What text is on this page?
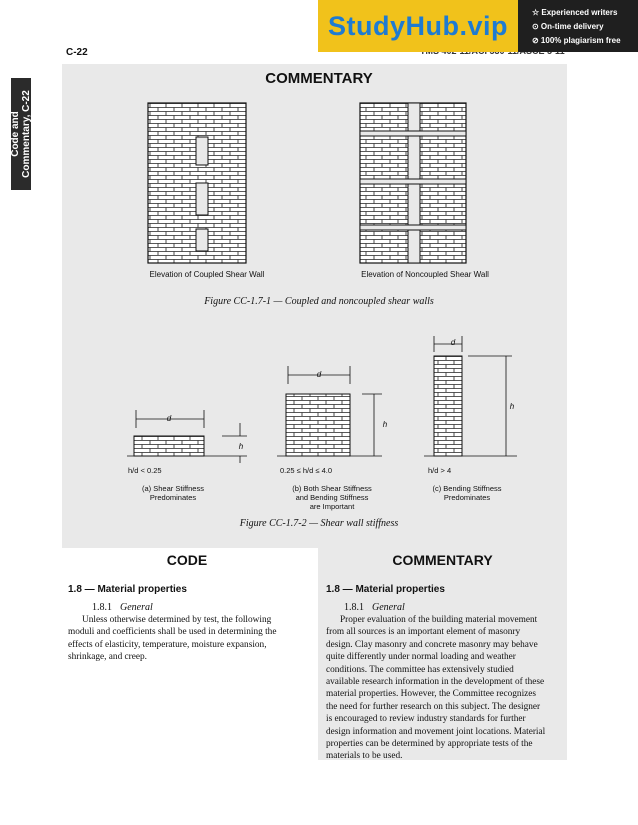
Code and
Commentary, C-22
C-22
StudyHub.vip	☆ Experienced writers
⊙ On-time delivery
⊘ 100% plagiarism free
COMMENTARY
Elevation of Coupled Shear Wall	Elevation of Noncoupled Shear Wall
Figure CC-1.7-1 — Coupled and noncoupled shear walls
d
h
d
h
d
h
h/d < 0.25	0.25 ≤ h/d ≤ 4.0	h/d > 4
(a) Shear Stiffness
Predominates
(b) Both Shear Stiffness
and Bending Stiffness
are Important
(c) Bending Stiffness
Predominates
Figure CC-1.7-2 — Shear wall stiffness
CODE
1.8 — Material properties
1.8.1 General
Unless otherwise determined by test, the following
moduli and coefficients shall be used in determining the
effects of elasticity, temperature, moisture expansion,
shrinkage, and creep.
COMMENTARY
1.8 — Material properties
1.8.1 General
Proper evaluation of the building material movement
from all sources is an important element of masonry
design. Clay masonry and concrete masonry may behave
quite differently under normal loading and weather
conditions. The committee has extensively studied
available research information in the development of these
material properties. However, the Committee recognizes
the need for further research on this subject. The designer
is encouraged to review industry standards for further
design information and movement joint locations. Material
properties can be determined by appropriate tests of the
materials to be used.
